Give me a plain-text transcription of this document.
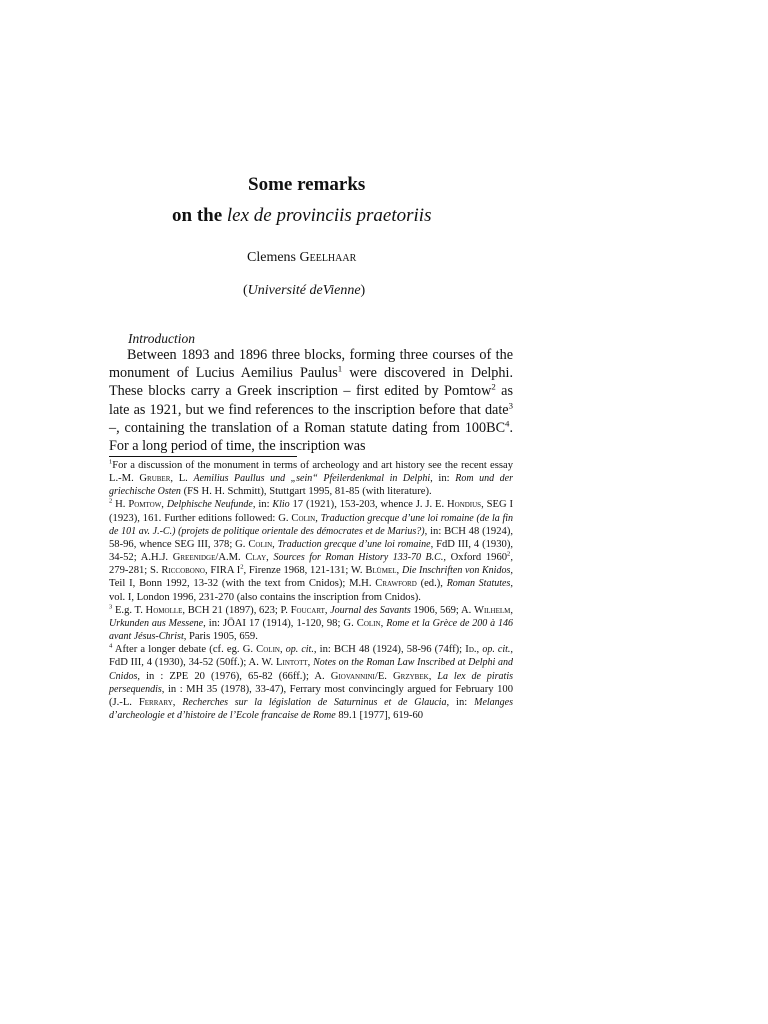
Some remarks
on the lex de provinciis praetoriis
Clemens Geelhaar
(Université deVienne)
Introduction

Between 1893 and 1896 three blocks, forming three courses of the monument of Lucius Aemilius Paulus$^1$ were discovered in Delphi. These blocks carry a Greek inscription – first edited by Pomtow$^2$ as late as 1921, but we find references to the inscription before that date$^3$ –, containing the translation of a Roman statute dating from $100BC^4$. For a long period of time, the inscription was

$^1$For a discussion of the monument in terms of archeology and art history see the recent essay L.-M. Gruber, L. Aemilius Paullus und „sein“ Pfeilerdenkmal in Delphi, in: Rom und der griechische Osten (FS H. H. Schmitt), Stuttgart 1995, 81-85 (with literature).

$^2$ H. Pomtow, Delphische Neufunde, in: Klio 17 (1921), 153-203, whence J. J. E. Hondius, SEG I (1923), 161. Further editions followed: G. Colin, Traduction grecque d’une loi romaine (de la fin de 101 av. J.-C.) (projets de politique orientale des démocrates et de Marius?), in: BCH 48 (1924), 58-96, whence SEG III, 378; G. Colin, Traduction grecque d’une loi romaine, FdD III, 4 (1930), 34-52; A.H.J. Greenidge/A.M. Clay, Sources for Roman History 133-70 B.C., Oxford 1960$^2$, 279-281; S. Riccobono, FIRA $I^2$, Firenze 1968, 121-131; W. Blümel, Die Inschriften von Knidos, Teil I, Bonn 1992, 13-32 (with the text from Cnidos); M.H. Crawford (ed.), Roman Statutes, vol. I, London 1996, 231-270 (also contains the inscription from Cnidos).

$^3$ E.g. T. Homolle, BCH 21 (1897), 623; P. Foucart, Journal des Savants 1906, 569; A. Wilhelm, Urkunden aus Messene, in: JÖAI 17 (1914), 1-120, 98; G. Colin, Rome et la Grèce de 200 à 146 avant Jésus-Christ, Paris 1905, 659.

$^4$ After a longer debate (cf. eg. G. Colin, op. cit., in: BCH 48 (1924), 58-96 (74ff); Id., op. cit., FdD III, 4 (1930), 34-52 (50ff.); A. W. Lintott, Notes on the Roman Law Inscribed at Delphi and Cnidos, in : ZPE 20 (1976), 65-82 (66ff.); A. Giovannini/E. Grzybek, La lex de piratis persequendis, in : MH 35 (1978), 33-47), Ferrary most convincingly argued for February 100 (J.-L. Ferrary, Recherches sur la législation de Saturninus et de Glaucia, in: Melanges d’archeologie et d’histoire de l’Ecole francaise de Rome 89.1 [1977], 619-60
